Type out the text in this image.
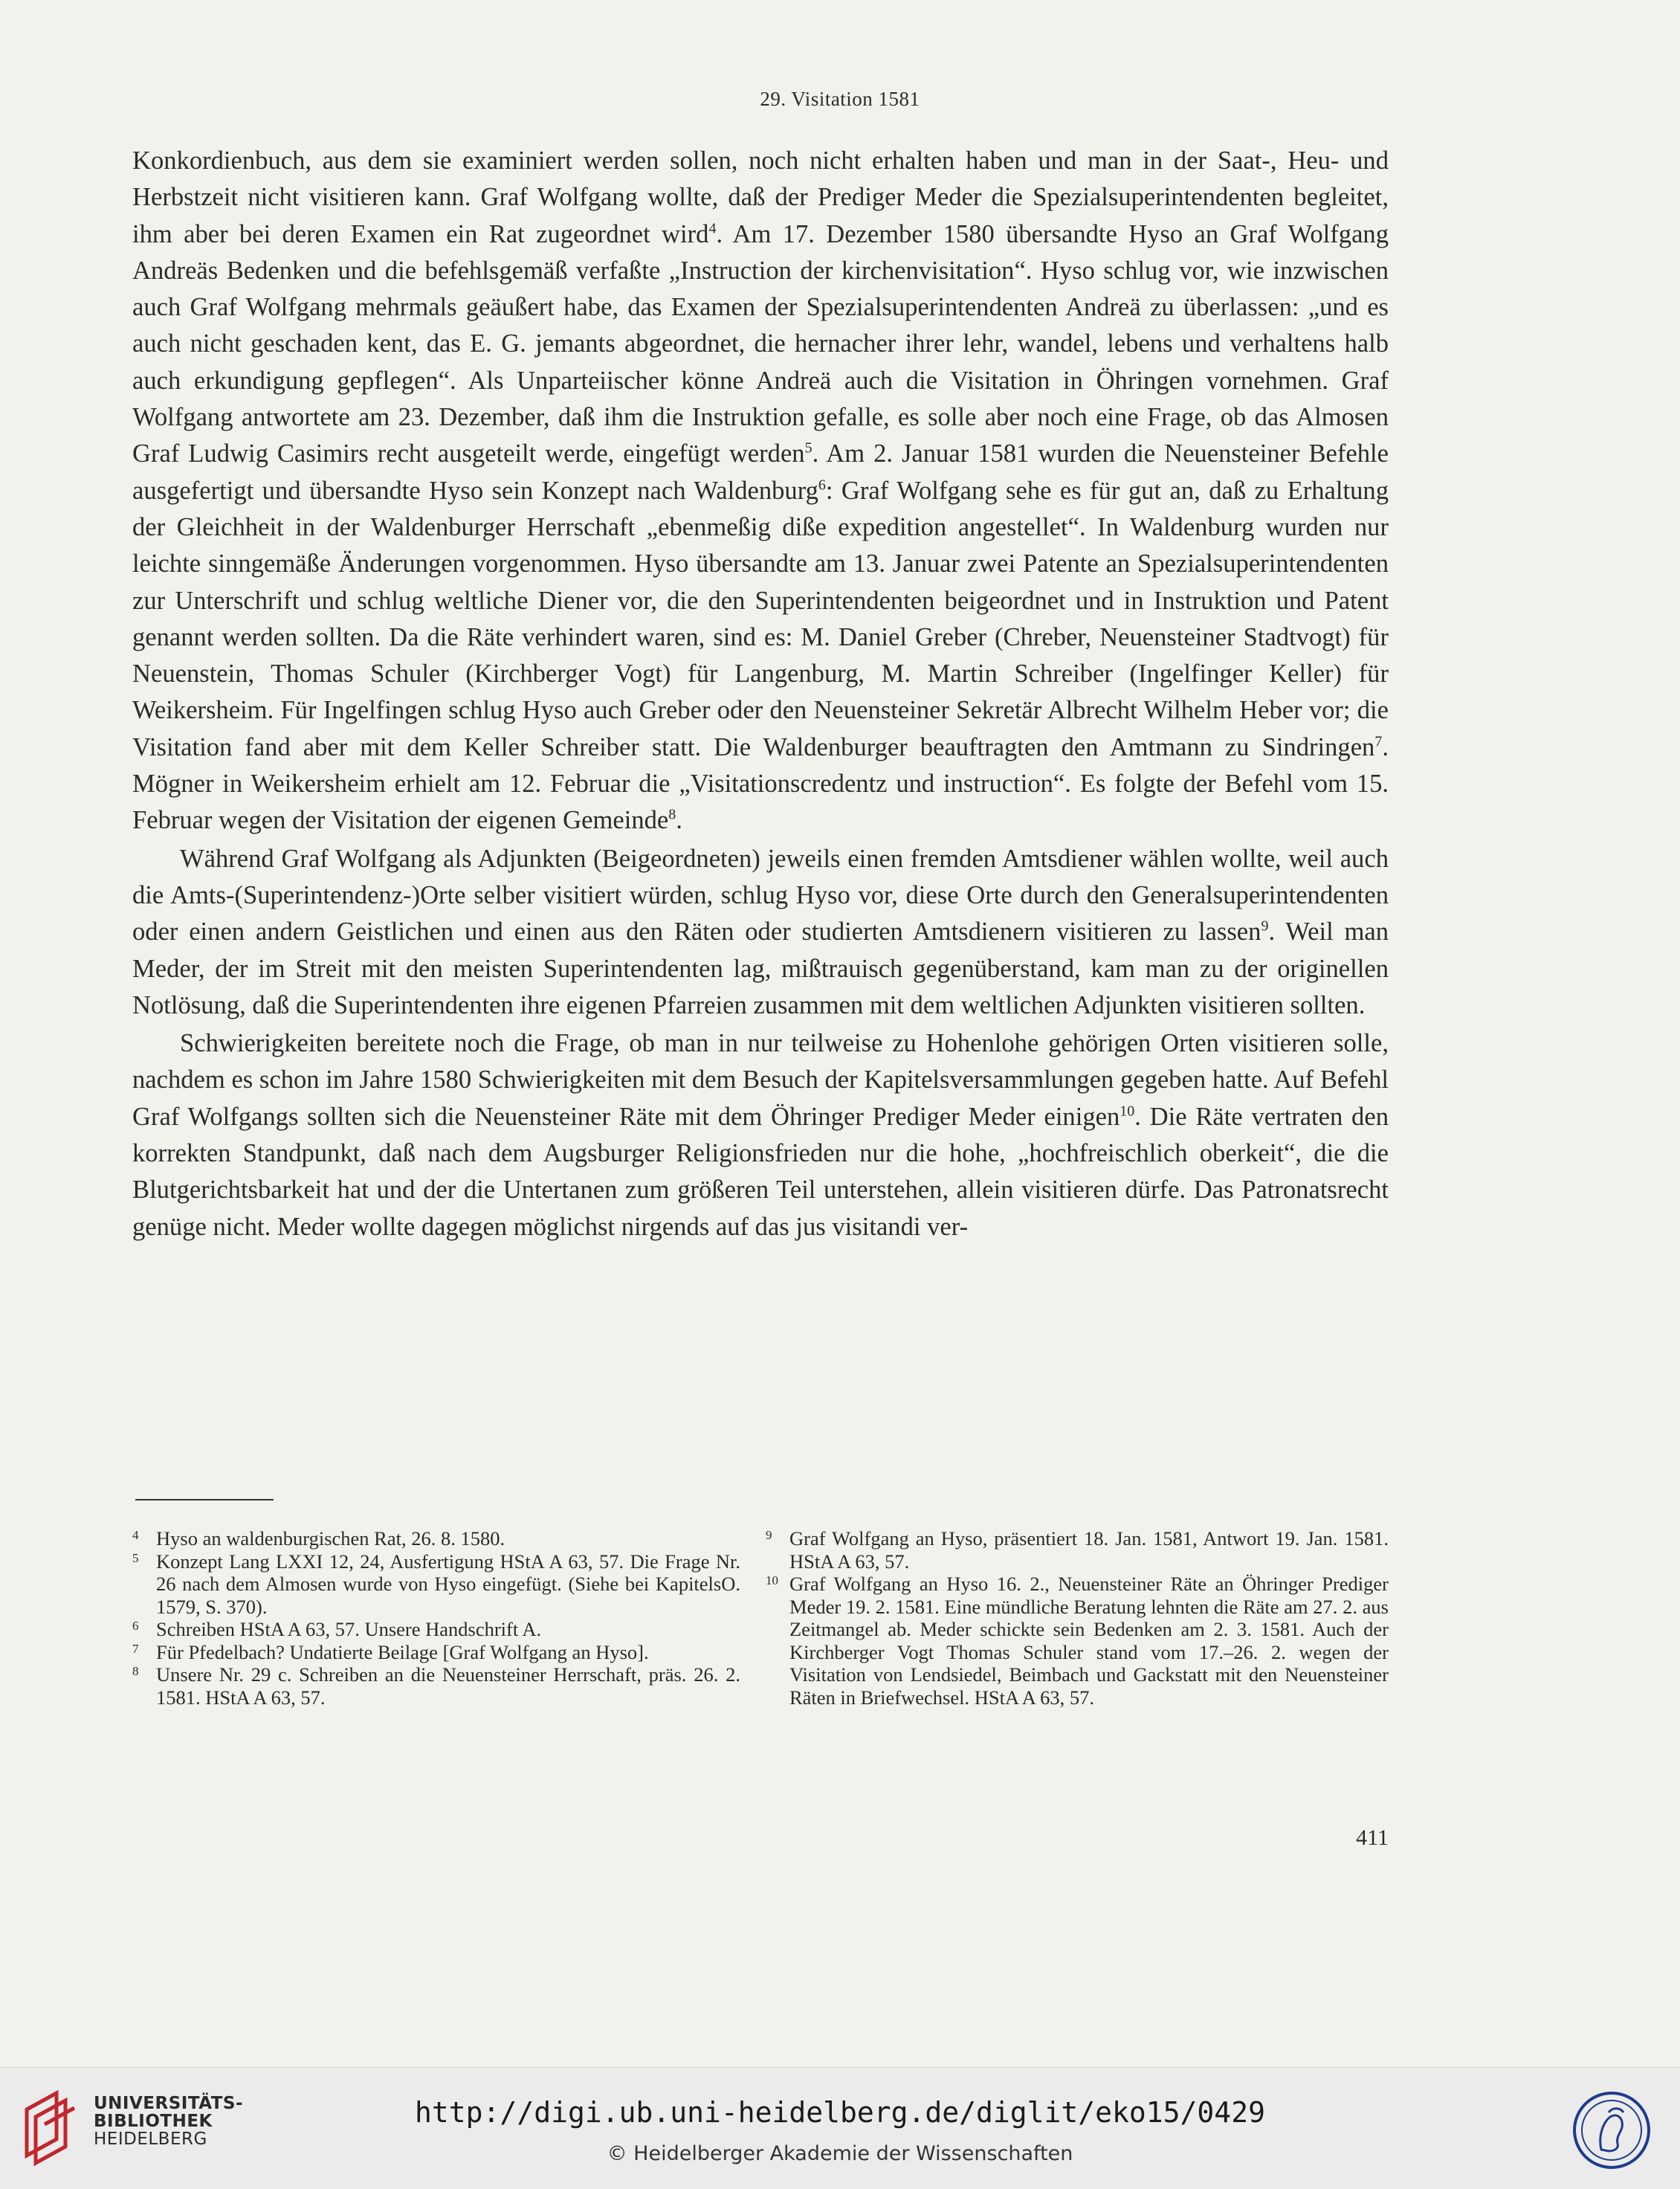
29. Visitation 1581

Konkordienbuch, aus dem sie examiniert werden sollen, noch nicht erhalten haben und man in der Saat-, Heu- und Herbstzeit nicht visitieren kann. Graf Wolfgang wollte, daß der Prediger Meder die Spezialsuperintendenten begleitet, ihm aber bei deren Examen ein Rat zugeordnet wird$^4$. Am 17. Dezember 1580 übersandte Hyso an Graf Wolfgang Andreäs Bedenken und die befehlsgemäß verfaßte „Instruction der kirchenvisitation“. Hyso schlug vor, wie inzwischen auch Graf Wolfgang mehrmals geäußert habe, das Examen der Spezialsuperintendenten Andreä zu überlassen: „und es auch nicht geschaden kent, das E. G. jemants abgeordnet, die hernacher ihrer lehr, wandel, lebens und verhaltens halb auch erkundigung gepflegen“. Als Unparteiischer könne Andreä auch die Visitation in Öhringen vornehmen. Graf Wolfgang antwortete am 23. Dezember, daß ihm die Instruktion gefalle, es solle aber noch eine Frage, ob das Almosen Graf Ludwig Casimirs recht ausgeteilt werde, eingefügt werden$^5$. Am 2. Januar 1581 wurden die Neuensteiner Befehle ausgefertigt und übersandte Hyso sein Konzept nach Waldenburg$^6$: Graf Wolfgang sehe es für gut an, daß zu Erhaltung der Gleichheit in der Waldenburger Herrschaft „ebenmeßig diße expedition angestellet“. In Waldenburg wurden nur leichte sinngemäße Änderungen vorgenommen. Hyso übersandte am 13. Januar zwei Patente an Spezialsuperintendenten zur Unterschrift und schlug weltliche Diener vor, die den Superintendenten beigeordnet und in Instruktion und Patent genannt werden sollten. Da die Räte verhindert waren, sind es: M. Daniel Greber (Chreber, Neuensteiner Stadtvogt) für Neuenstein, Thomas Schuler (Kirchberger Vogt) für Langenburg, M. Martin Schreiber (Ingelfinger Keller) für Weikersheim. Für Ingelfingen schlug Hyso auch Greber oder den Neuensteiner Sekretär Albrecht Wilhelm Heber vor; die Visitation fand aber mit dem Keller Schreiber statt. Die Waldenburger beauftragten den Amtmann zu Sindringen$^7$. Mögner in Weikersheim erhielt am 12. Februar die „Visitationscredentz und instruction“. Es folgte der Befehl vom 15. Februar wegen der Visitation der eigenen Gemeinde$^8$.

Während Graf Wolfgang als Adjunkten (Beigeordneten) jeweils einen fremden Amtsdiener wählen wollte, weil auch die Amts-(Superintendenz-)Orte selber visitiert würden, schlug Hyso vor, diese Orte durch den Generalsuperintendenten oder einen andern Geistlichen und einen aus den Räten oder studierten Amtsdienern visitieren zu lassen$^9$. Weil man Meder, der im Streit mit den meisten Superintendenten lag, mißtrauisch gegenüberstand, kam man zu der originellen Notlösung, daß die Superintendenten ihre eigenen Pfarreien zusammen mit dem weltlichen Adjunkten visitieren sollten.

Schwierigkeiten bereitete noch die Frage, ob man in nur teilweise zu Hohenlohe gehörigen Orten visitieren solle, nachdem es schon im Jahre 1580 Schwierigkeiten mit dem Besuch der Kapitelsversammlungen gegeben hatte. Auf Befehl Graf Wolfgangs sollten sich die Neuensteiner Räte mit dem Öhringer Prediger Meder einigen$^{10}$. Die Räte vertraten den korrekten Standpunkt, daß nach dem Augsburger Religionsfrieden nur die hohe, „hochfreischlich oberkeit“, die die Blutgerichtsbarkeit hat und der die Untertanen zum größeren Teil unterstehen, allein visitieren dürfe. Das Patronatsrecht genüge nicht. Meder wollte dagegen möglichst nirgends auf das jus visitandi ver-

4 Hyso an waldenburgischen Rat, 26. 8. 1580.
5 Konzept Lang LXXI 12, 24, Ausfertigung HStA A 63, 57. Die Frage Nr. 26 nach dem Almosen wurde von Hyso eingefügt. (Siehe bei KapitelsO. 1579, S. 370).
6 Schreiben HStA A 63, 57. Unsere Handschrift A.
7 Für Pfedelbach? Undatierte Beilage [Graf Wolfgang an Hyso].
8 Unsere Nr. 29 c. Schreiben an die Neuensteiner Herrschaft, präs. 26. 2. 1581. HStA A 63, 57.
9 Graf Wolfgang an Hyso, präsentiert 18. Jan. 1581, Antwort 19. Jan. 1581. HStA A 63, 57.
10 Graf Wolfgang an Hyso 16. 2., Neuensteiner Räte an Öhringer Prediger Meder 19. 2. 1581. Eine mündliche Beratung lehnten die Räte am 27. 2. aus Zeitmangel ab. Meder schickte sein Bedenken am 2. 3. 1581. Auch der Kirchberger Vogt Thomas Schuler stand vom 17.–26. 2. wegen der Visitation von Lendsiedel, Beimbach und Gackstatt mit den Neuensteiner Räten in Briefwechsel. HStA A 63, 57.
411
UNIVERSITÄTS-
BIBLIOTHEK
HEIDELBERG
http://digi.ub.uni-heidelberg.de/diglit/eko15/0429
© Heidelberger Akademie der Wissenschaften
